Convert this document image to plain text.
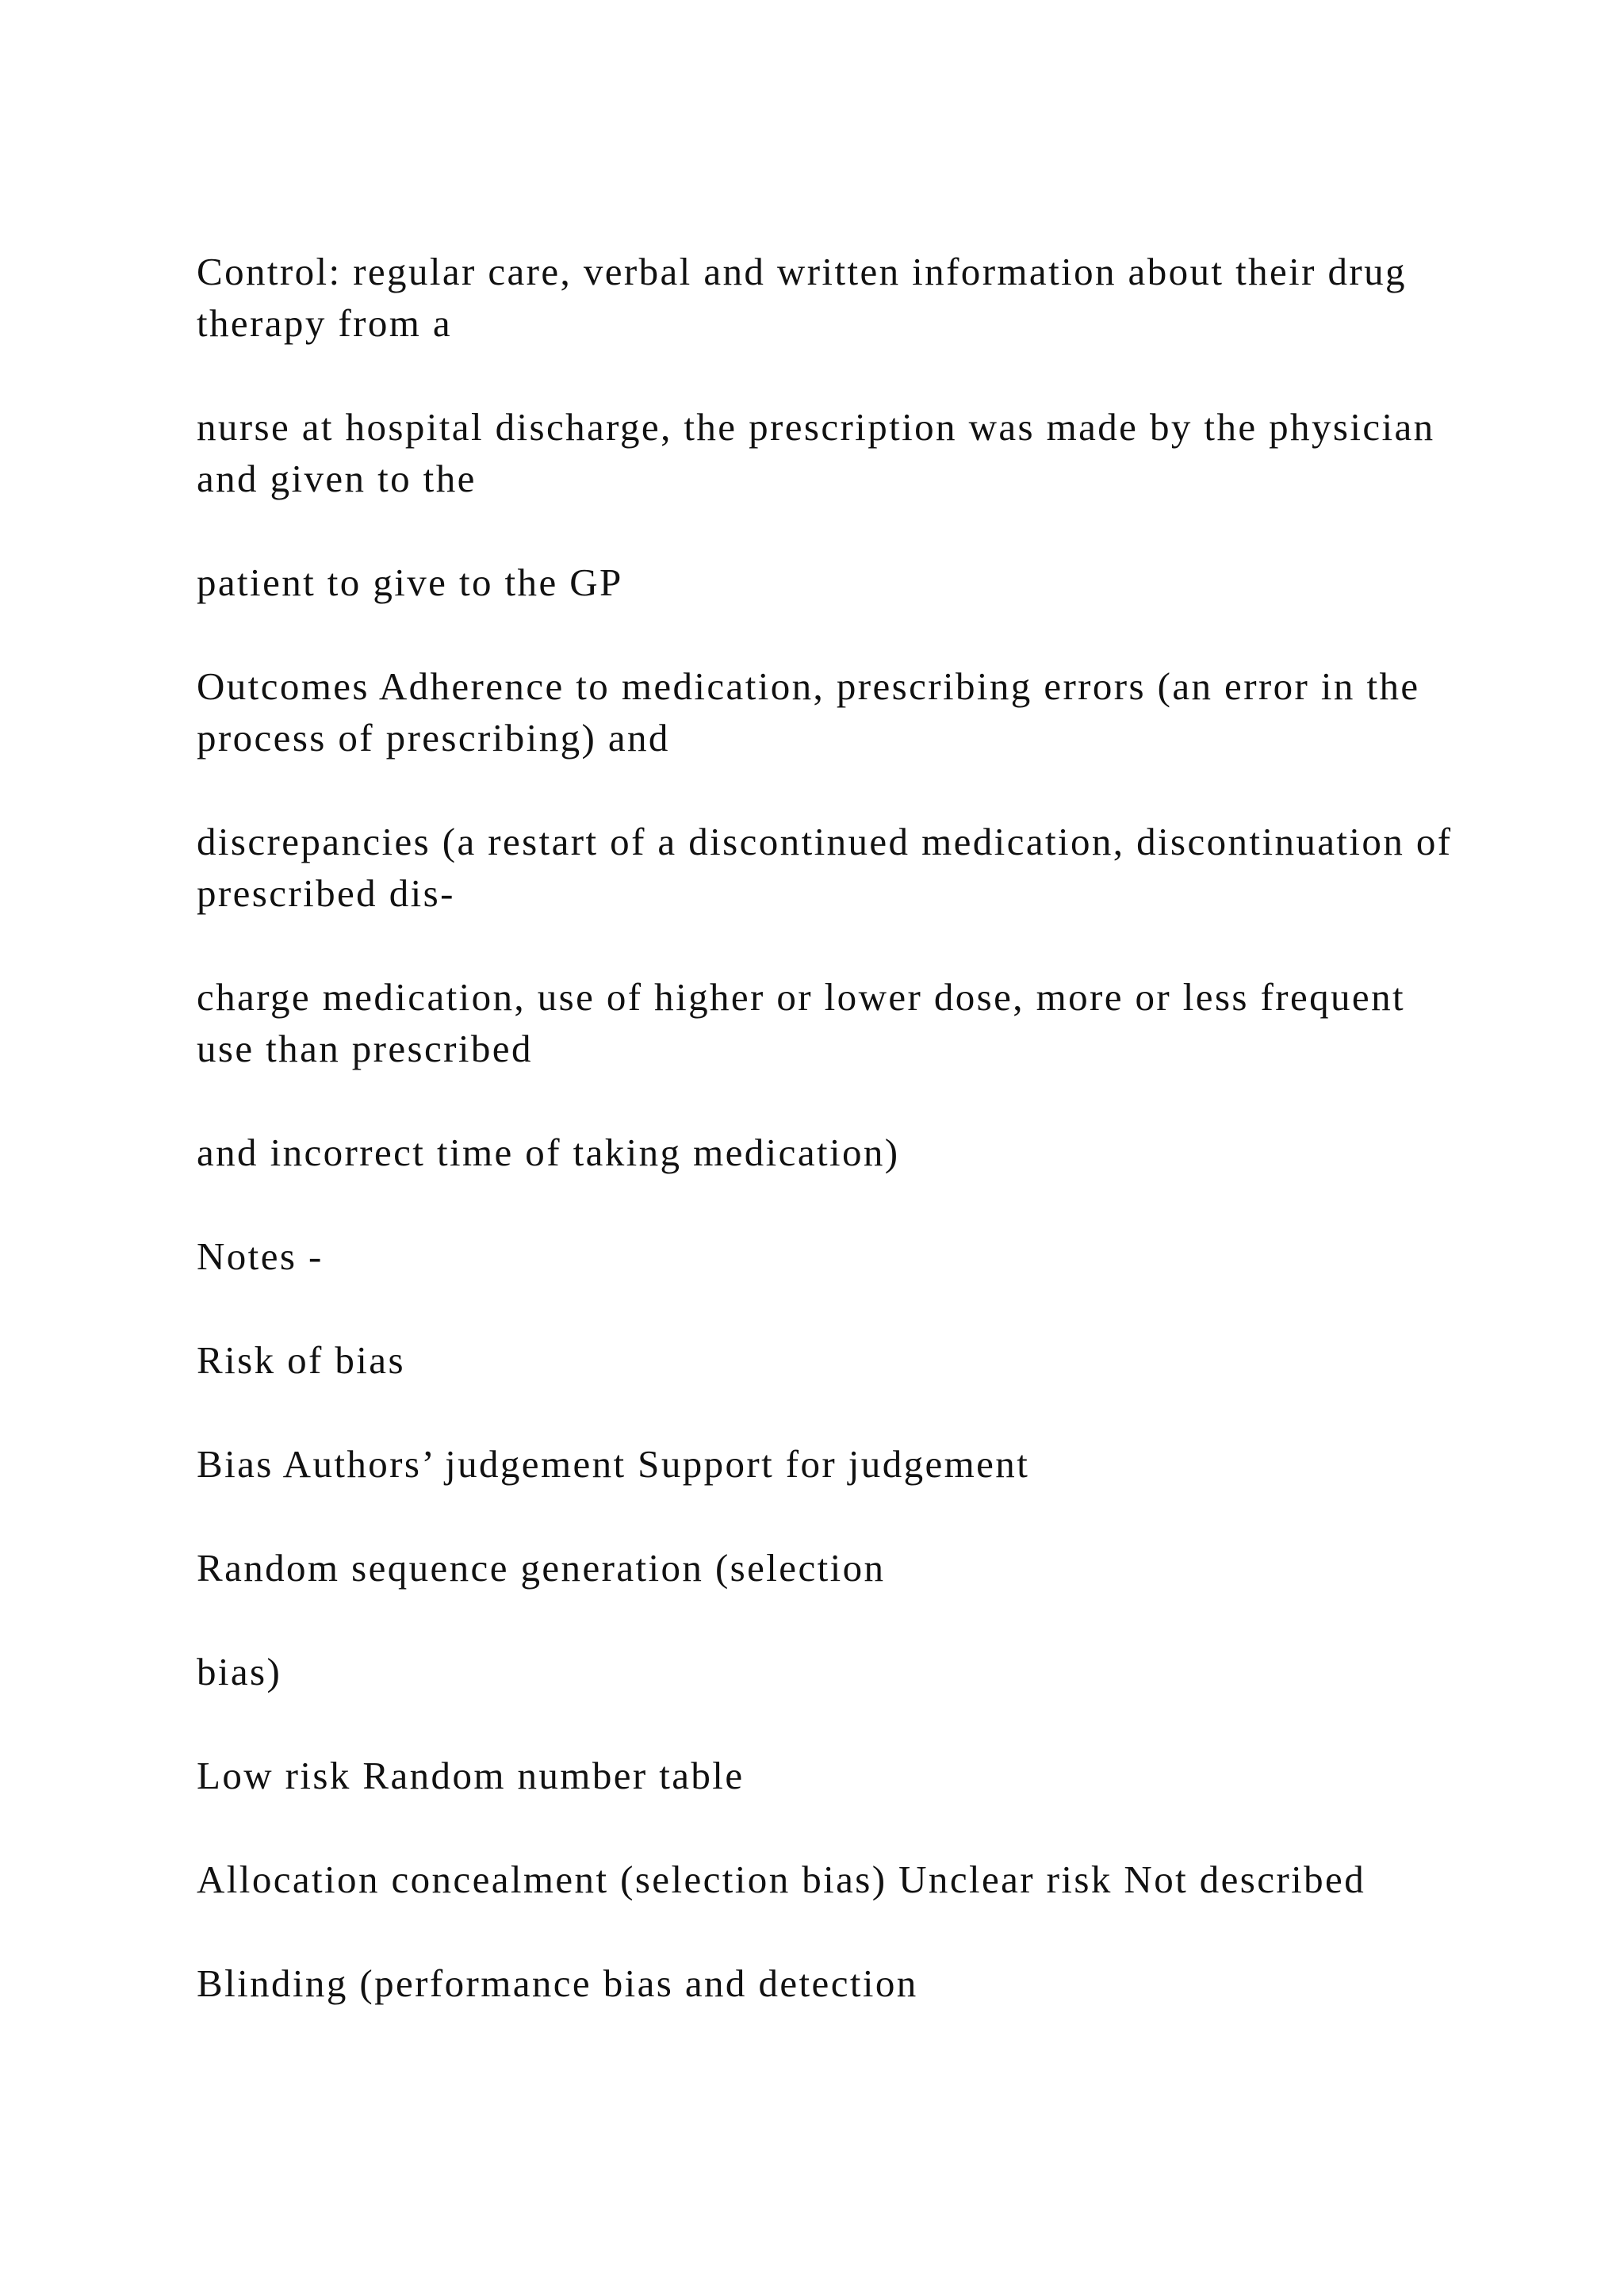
Control: regular care, verbal and written information about their drug therapy from a

nurse at hospital discharge, the prescription was made by the physician and given to the

patient to give to the GP

Outcomes Adherence to medication, prescribing errors (an error in the process of prescribing) and

discrepancies (a restart of a discontinued medication, discontinuation of prescribed dis-

charge medication, use of higher or lower dose, more or less frequent use than prescribed

and incorrect time of taking medication)

Notes -

Risk of bias

Bias Authors’ judgement Support for judgement

Random sequence generation (selection

bias)

Low risk Random number table

Allocation concealment (selection bias) Unclear risk Not described

Blinding (performance bias and detection
